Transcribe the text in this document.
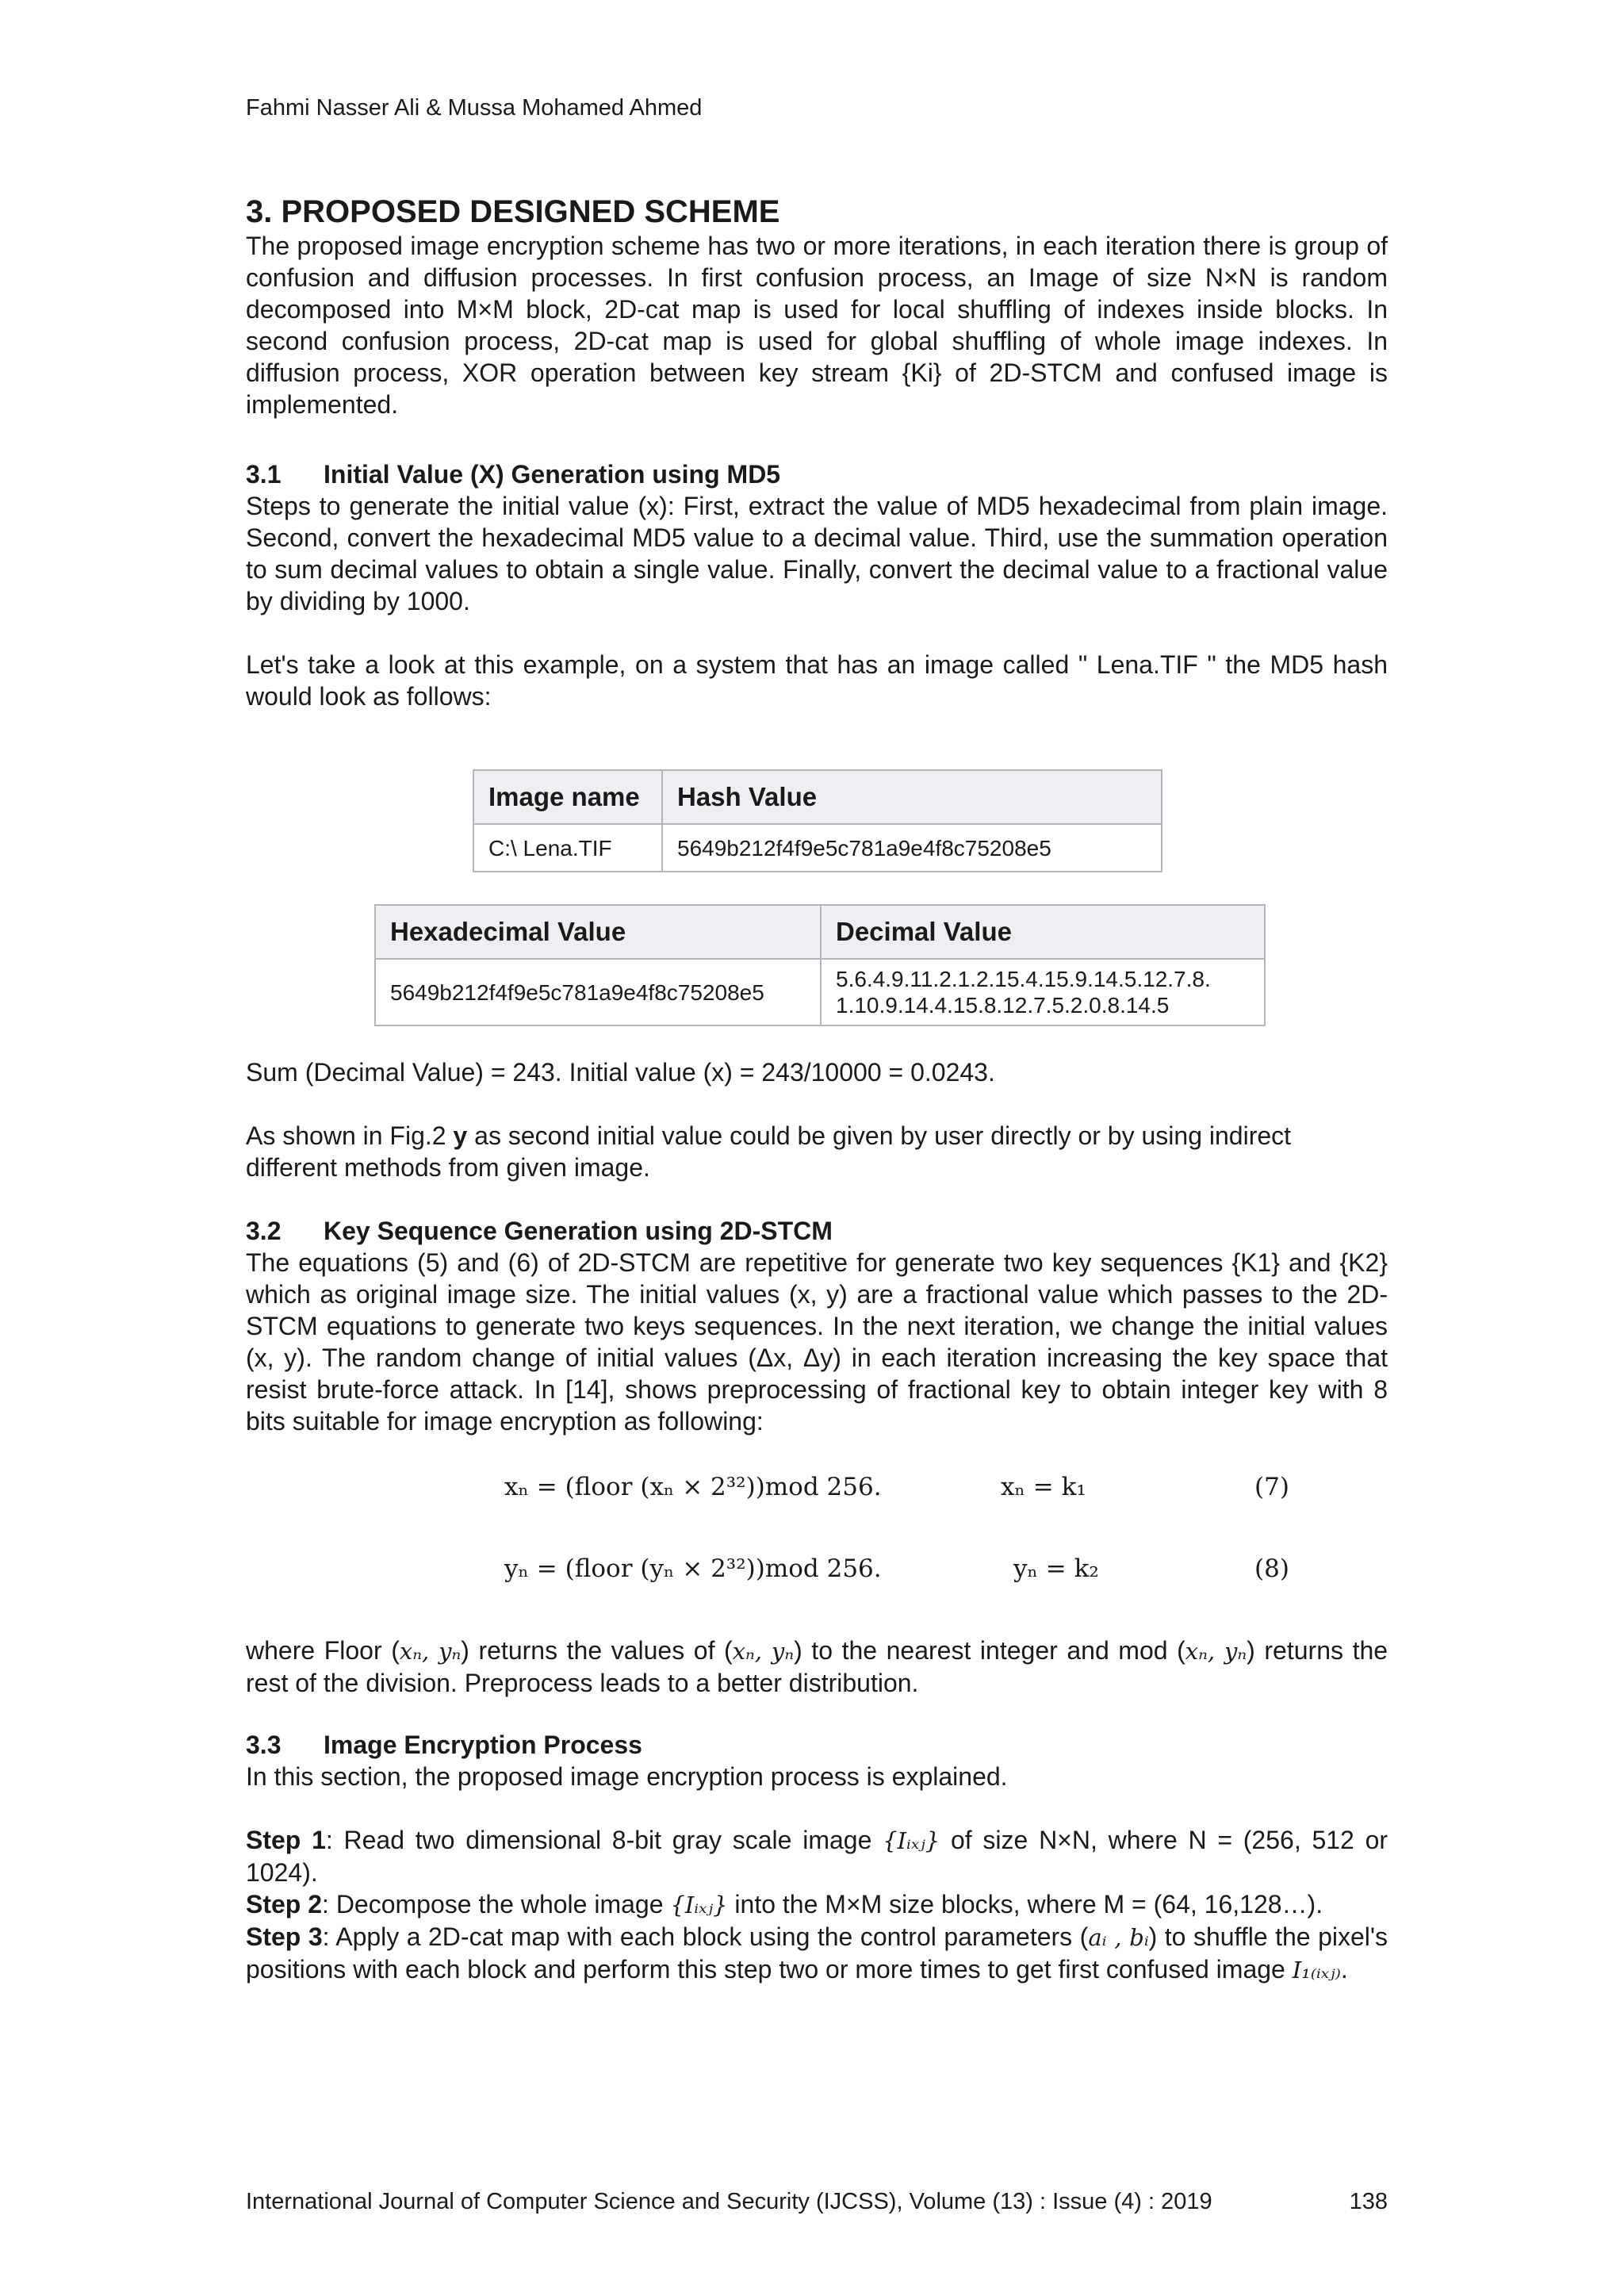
Fahmi Nasser Ali & Mussa Mohamed Ahmed
3. PROPOSED DESIGNED SCHEME

The proposed image encryption scheme has two or more iterations, in each iteration there is group of confusion and diffusion processes. In first confusion process, an Image of size N×N is random decomposed into M×M block, 2D-cat map is used for local shuffling of indexes inside blocks. In second confusion process, 2D-cat map is used for global shuffling of whole image indexes. In diffusion process, XOR operation between key stream {Ki} of 2D-STCM and confused image is implemented.

3.1 Initial Value (X) Generation using MD5

Steps to generate the initial value (x): First, extract the value of MD5 hexadecimal from plain image. Second, convert the hexadecimal MD5 value to a decimal value. Third, use the summation operation to sum decimal values to obtain a single value. Finally, convert the decimal value to a fractional value by dividing by 1000.

Let's take a look at this example, on a system that has an image called " Lena.TIF " the MD5 hash would look as follows:

Image name	Hash Value
C:\ Lena.TIF	5649b212f4f9e5c781a9e4f8c75208e5
Hexadecimal Value	Decimal Value
5649b212f4f9e5c781a9e4f8c75208e5	5.6.4.9.11.2.1.2.15.4.15.9.14.5.12.7.8.
1.10.9.14.4.15.8.12.7.5.2.0.8.14.5

Sum (Decimal Value) = 243. Initial value (x) = 243/10000 = 0.0243.

As shown in Fig.2 y as second initial value could be given by user directly or by using indirect different methods from given image.

3.2 Key Sequence Generation using 2D-STCM

The equations (5) and (6) of 2D-STCM are repetitive for generate two key sequences {K1} and {K2} which as original image size. The initial values (x, y) are a fractional value which passes to the 2D-STCM equations to generate two keys sequences. In the next iteration, we change the initial values (x, y). The random change of initial values (Δx, Δy) in each iteration increasing the key space that resist brute-force attack. In [14], shows preprocessing of fractional key to obtain integer key with 8 bits suitable for image encryption as following:

xₙ = (floor (xₙ × 2³²))mod 256.	xₙ = k₁	(7)
yₙ = (floor (yₙ × 2³²))mod 256.	yₙ = k₂	(8)
where Floor (xₙ, yₙ) returns the values of (xₙ, yₙ) to the nearest integer and mod (xₙ, yₙ) returns the rest of the division. Preprocess leads to a better distribution.
3.3 Image Encryption Process

In this section, the proposed image encryption process is explained.

Step 1: Read two dimensional 8-bit gray scale image {Iᵢₓⱼ} of size N×N, where N = (256, 512 or 1024).

Step 2: Decompose the whole image {Iᵢₓⱼ} into the M×M size blocks, where M = (64, 16,128…).

Step 3: Apply a 2D-cat map with each block using the control parameters (aᵢ , bᵢ) to shuffle the pixel's positions with each block and perform this step two or more times to get first confused image I₁₍ᵢₓⱼ₎.

International Journal of Computer Science and Security (IJCSS), Volume (13) : Issue (4) : 2019	138
